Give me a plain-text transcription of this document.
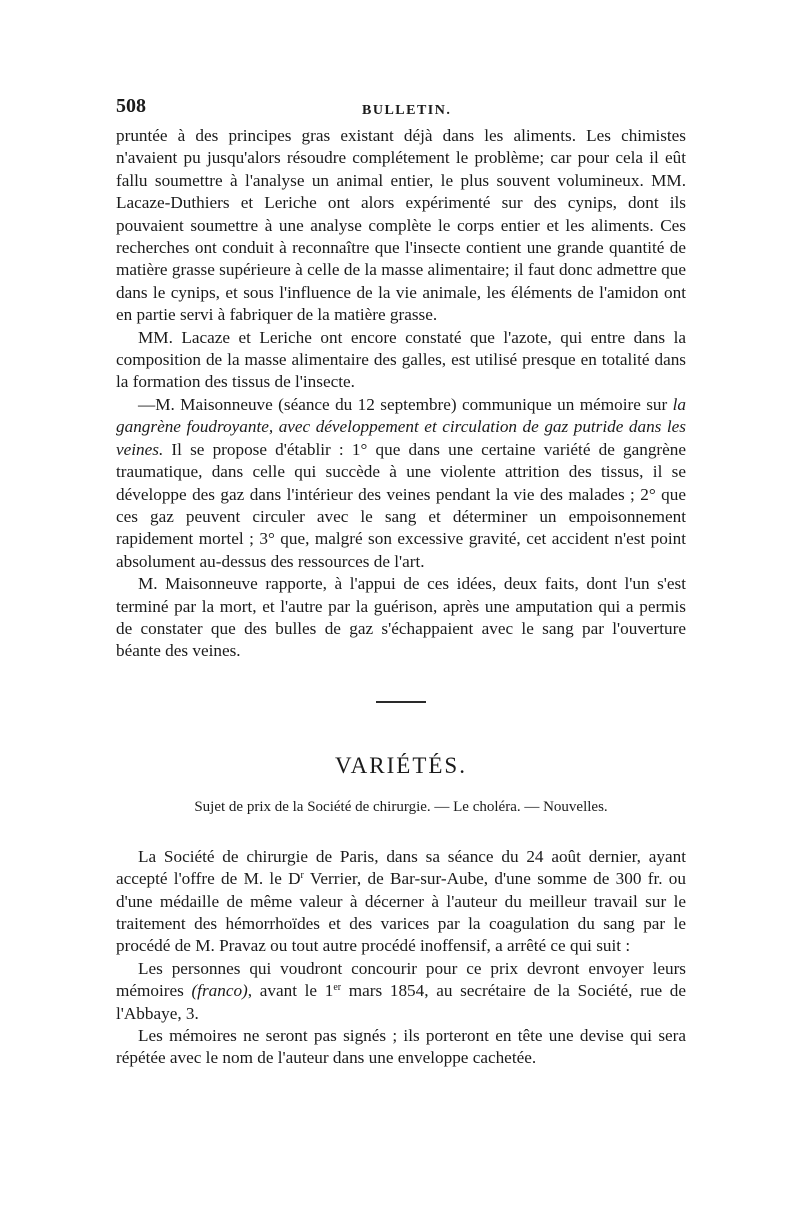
508	BULLETIN.

pruntée à des principes gras existant déjà dans les aliments. Les chimistes n'avaient pu jusqu'alors résoudre complétement le problème; car pour cela il eût fallu soumettre à l'analyse un animal entier, le plus souvent volumineux. MM. Lacaze-Duthiers et Leriche ont alors expérimenté sur des cynips, dont ils pouvaient soumettre à une analyse complète le corps entier et les aliments. Ces recherches ont conduit à reconnaître que l'insecte contient une grande quantité de matière grasse supérieure à celle de la masse alimentaire; il faut donc admettre que dans le cynips, et sous l'influence de la vie animale, les éléments de l'amidon ont en partie servi à fabriquer de la matière grasse.

MM. Lacaze et Leriche ont encore constaté que l'azote, qui entre dans la composition de la masse alimentaire des galles, est utilisé presque en totalité dans la formation des tissus de l'insecte.

—M. Maisonneuve (séance du 12 septembre) communique un mémoire sur la gangrène foudroyante, avec développement et circulation de gaz putride dans les veines. Il se propose d'établir : 1° que dans une certaine variété de gangrène traumatique, dans celle qui succède à une violente attrition des tissus, il se développe des gaz dans l'intérieur des veines pendant la vie des malades ; 2° que ces gaz peuvent circuler avec le sang et déterminer un empoisonnement rapidement mortel ; 3° que, malgré son excessive gravité, cet accident n'est point absolument au-dessus des ressources de l'art.

M. Maisonneuve rapporte, à l'appui de ces idées, deux faits, dont l'un s'est terminé par la mort, et l'autre par la guérison, après une amputation qui a permis de constater que des bulles de gaz s'échappaient avec le sang par l'ouverture béante des veines.

VARIÉTÉS.
Sujet de prix de la Société de chirurgie. — Le choléra. — Nouvelles.

La Société de chirurgie de Paris, dans sa séance du 24 août dernier, ayant accepté l'offre de M. le $D^r$ Verrier, de Bar-sur-Aube, d'une somme de 300 fr. ou d'une médaille de même valeur à décerner à l'auteur du meilleur travail sur le traitement des hémorrhoïdes et des varices par la coagulation du sang par le procédé de M. Pravaz ou tout autre procédé inoffensif, a arrêté ce qui suit :

Les personnes qui voudront concourir pour ce prix devront envoyer leurs mémoires (franco), avant le 1er mars 1854, au secrétaire de la Société, rue de l'Abbaye, 3.

Les mémoires ne seront pas signés ; ils porteront en tête une devise qui sera répétée avec le nom de l'auteur dans une enveloppe cachetée.
